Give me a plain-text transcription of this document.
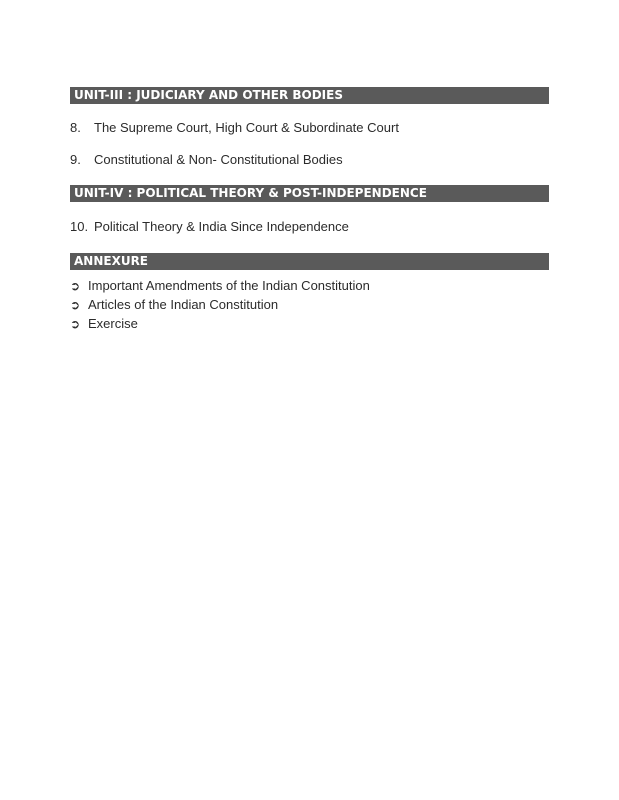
UNIT-III : JUDICIARY AND OTHER BODIES
8. The Supreme Court, High Court & Subordinate Court
9. Constitutional & Non- Constitutional Bodies
UNIT-IV : POLITICAL THEORY & POST-INDEPENDENCE
10. Political Theory & India Since Independence
ANNEXURE
➲ Important Amendments of the Indian Constitution
➲ Articles of the Indian Constitution
➲ Exercise
